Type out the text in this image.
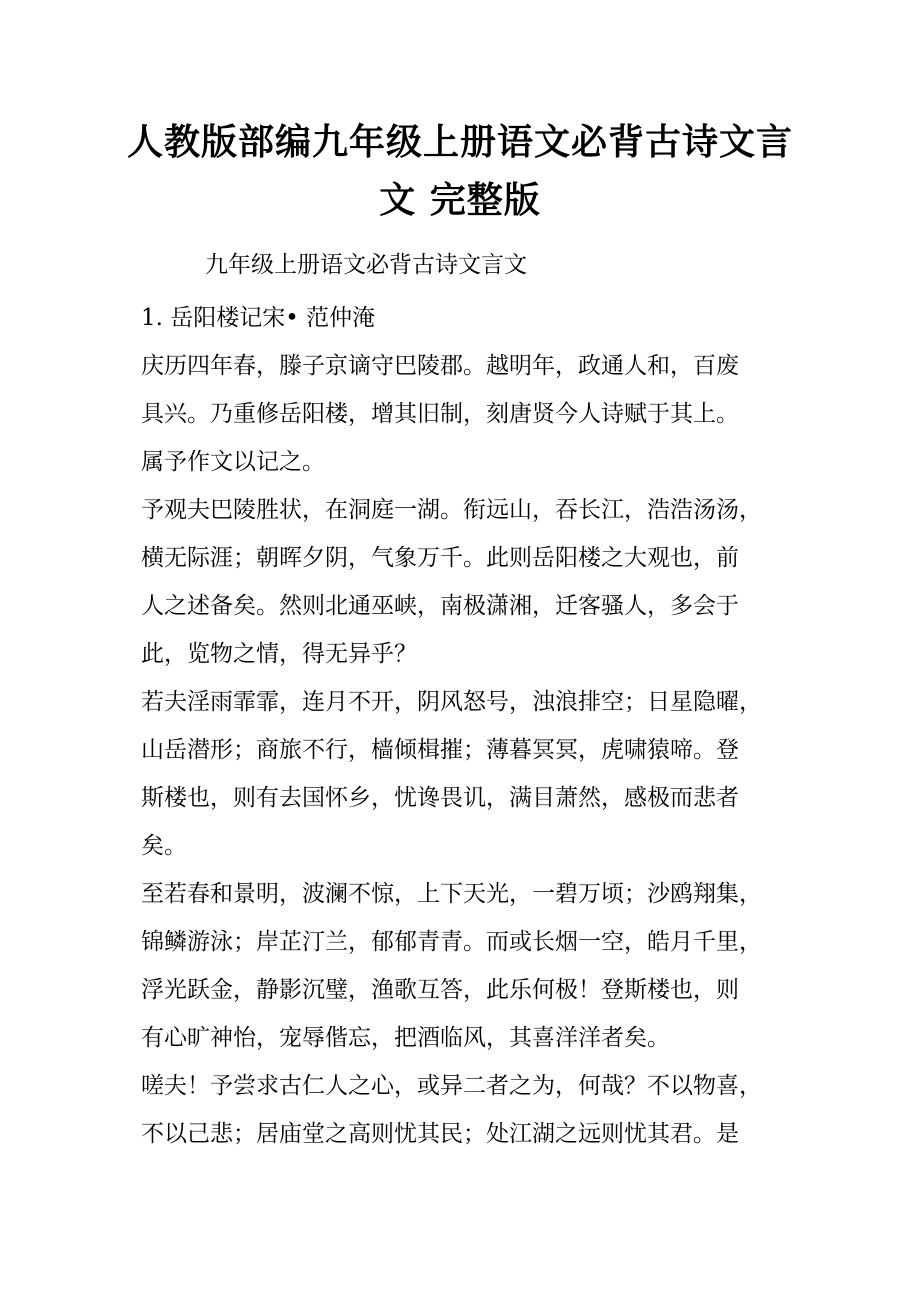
人教版部编九年级上册语文必背古诗文言
文 完整版

九年级上册语文必背古诗文言文

1. 岳阳楼记宋• 范仲淹

庆历四年春，滕子京谪守巴陵郡。越明年，政通人和，百废

具兴。乃重修岳阳楼，增其旧制，刻唐贤今人诗赋于其上。

属予作文以记之。

予观夫巴陵胜状，在洞庭一湖。衔远山，吞长江，浩浩汤汤，

横无际涯；朝晖夕阴，气象万千。此则岳阳楼之大观也，前

人之述备矣。然则北通巫峡，南极潇湘，迁客骚人，多会于

此，览物之情，得无异乎？

若夫淫雨霏霏，连月不开，阴风怒号，浊浪排空；日星隐曜，

山岳潜形；商旅不行，樯倾楫摧；薄暮冥冥，虎啸猿啼。登

斯楼也，则有去国怀乡，忧谗畏讥，满目萧然，感极而悲者

矣。

至若春和景明，波澜不惊，上下天光，一碧万顷；沙鸥翔集，

锦鳞游泳；岸芷汀兰，郁郁青青。而或长烟一空，皓月千里，

浮光跃金，静影沉璧，渔歌互答，此乐何极！登斯楼也，则

有心旷神怡，宠辱偕忘，把酒临风，其喜洋洋者矣。

嗟夫！予尝求古仁人之心，或异二者之为，何哉？不以物喜，

不以己悲；居庙堂之高则忧其民；处江湖之远则忧其君。是
